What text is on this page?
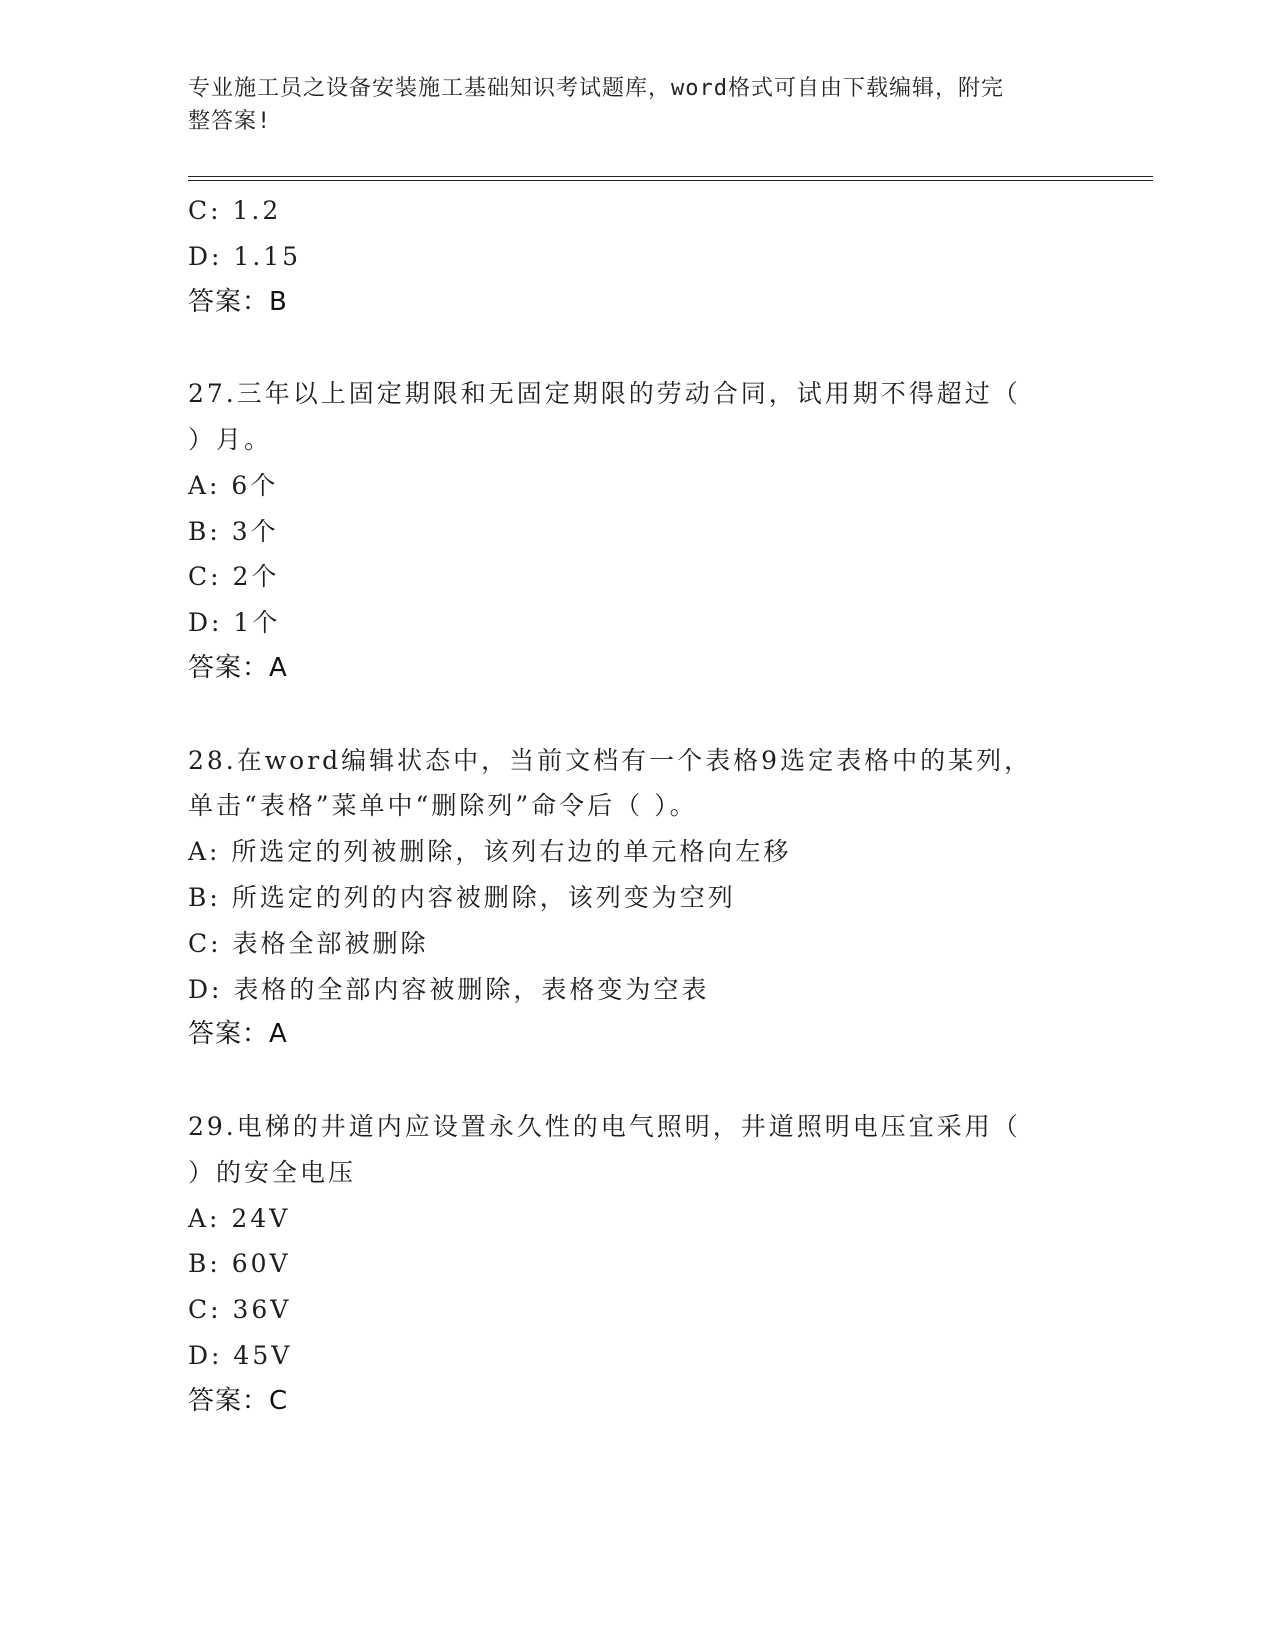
专业施工员之设备安装施工基础知识考试题库，word格式可自由下载编辑，附完
整答案!
C: 1.2
D: 1.15
答案：B
27.三年以上固定期限和无固定期限的劳动合同，试用期不得超过（
）月。
A: 6个
B: 3个
C: 2个
D: 1个
答案：A
28.在word编辑状态中，当前文档有一个表格9选定表格中的某列，
单击“表格”菜单中“删除列”命令后（ ）。
A: 所选定的列被删除，该列右边的单元格向左移
B: 所选定的列的内容被删除，该列变为空列
C: 表格全部被删除
D: 表格的全部内容被删除，表格变为空表
答案：A
29.电梯的井道内应设置永久性的电气照明，井道照明电压宜采用（
）的安全电压
A: 24V
B: 60V
C: 36V
D: 45V
答案：C
